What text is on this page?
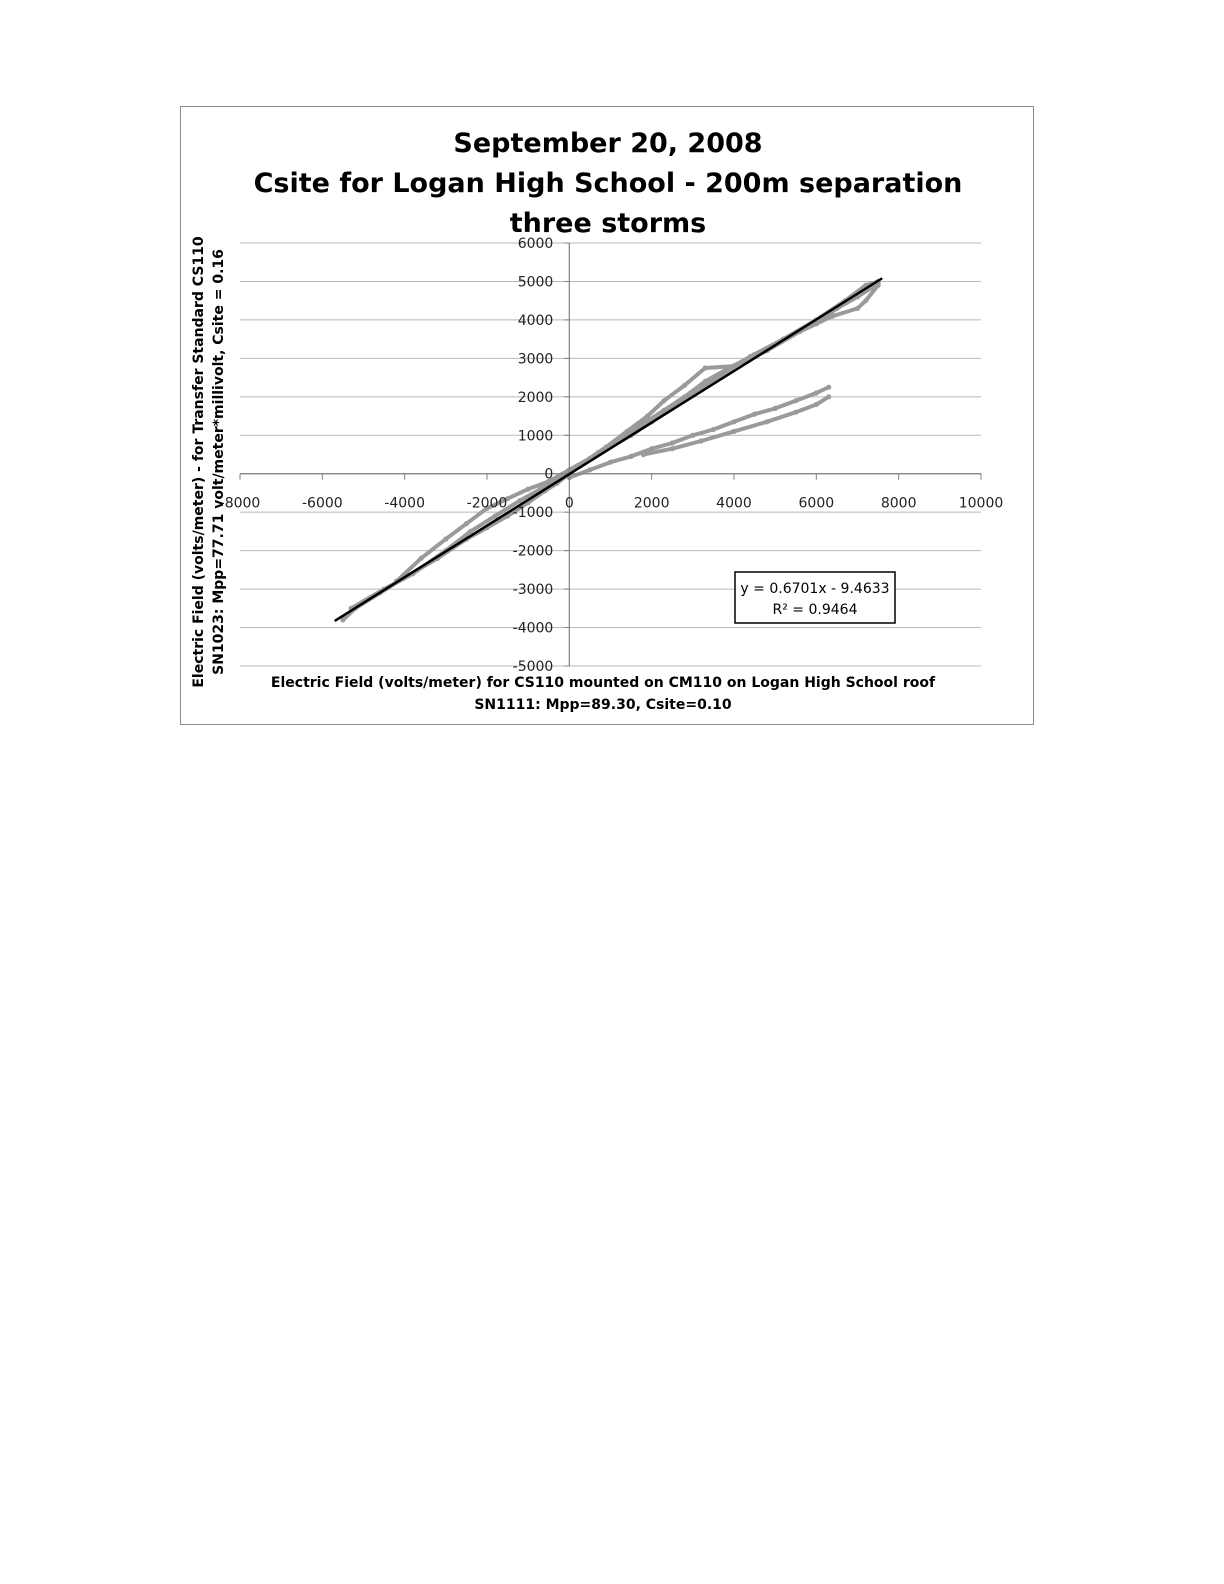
-5000
-4000
-3000
-2000
-1000
0
1000
2000
3000
4000
5000
6000
-8000	-6000	-4000	-2000	0	2000	4000	6000	8000	10000
September 20, 2008
Csite for Logan High School - 200m separation
three storms
Electric Field (volts/meter) for CS110 mounted on CM110 on Logan High School roof
SN1111: Mpp=89.30, Csite=0.10
Electric Field (volts/meter) - for Transfer Standard CS110 SN1023: Mpp=77.71 volt/meter*millivolt, Csite = 0.16	y = 0.6701x - 9.4633
R² = 0.9464
